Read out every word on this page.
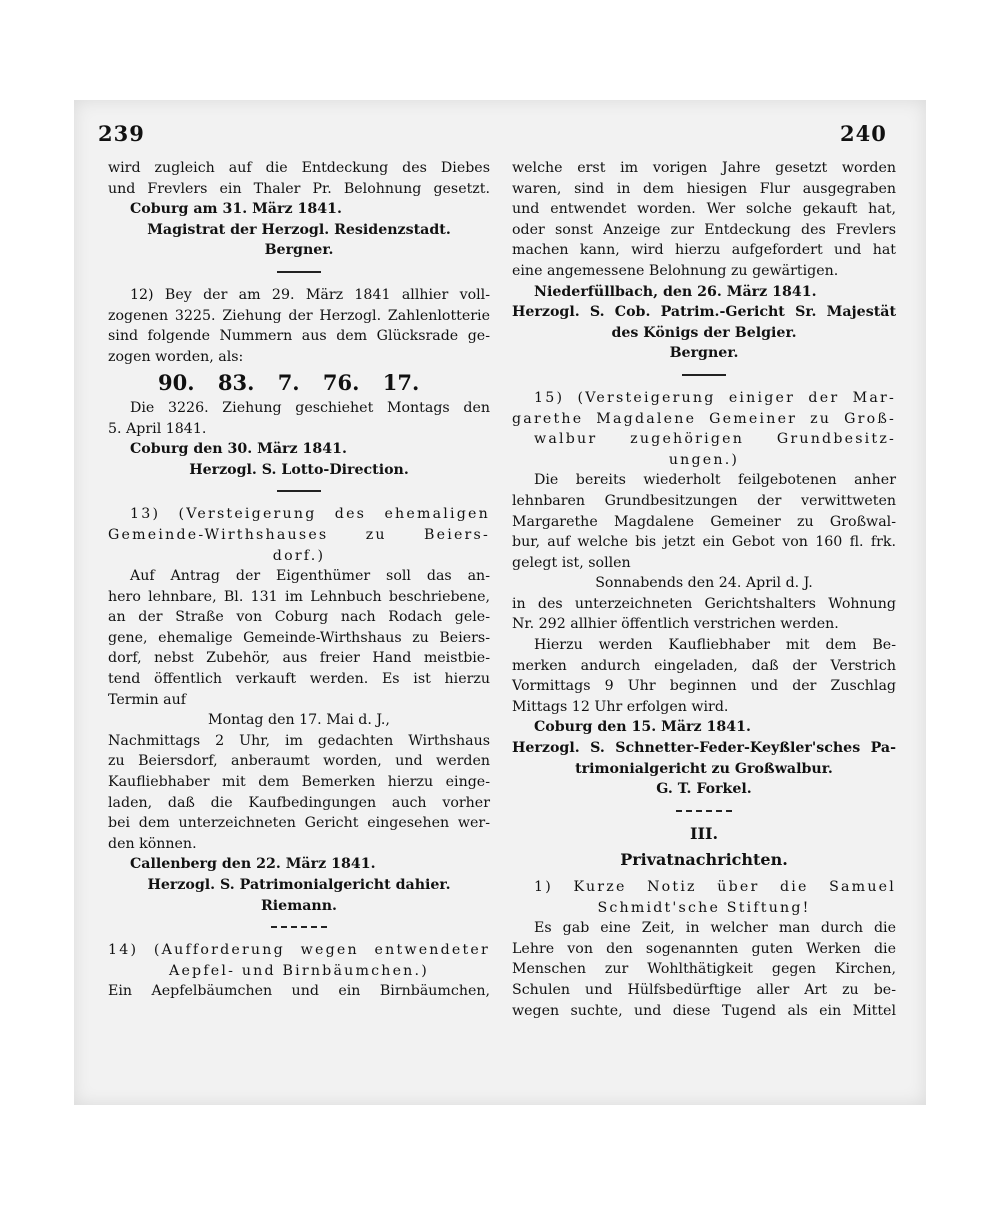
239	240

wird zugleich auf die Entdeckung des Diebes

und Frevlers ein Thaler Pr. Belohnung gesetzt.

Coburg am 31. März 1841.

Magistrat der Herzogl. Residenzstadt.

Bergner.

12) Bey der am 29. März 1841 allhier voll-

zogenen 3225. Ziehung der Herzogl. Zahlenlotterie

sind folgende Nummern aus dem Glücksrade ge-

zogen worden, als:

90. 83. 7. 76. 17.

Die 3226. Ziehung geschiehet Montags den

5. April 1841.

Coburg den 30. März 1841.

Herzogl. S. Lotto-Direction.

13) (Versteigerung des ehemaligen

Gemeinde-Wirthshauses zu Beiers-

dorf.)

Auf Antrag der Eigenthümer soll das an-

hero lehnbare, Bl. 131 im Lehnbuch beschriebene,

an der Straße von Coburg nach Rodach gele-

gene, ehemalige Gemeinde-Wirthshaus zu Beiers-

dorf, nebst Zubehör, aus freier Hand meistbie-

tend öffentlich verkauft werden. Es ist hierzu

Termin auf

Montag den 17. Mai d. J.,

Nachmittags 2 Uhr, im gedachten Wirthshaus

zu Beiersdorf, anberaumt worden, und werden

Kaufliebhaber mit dem Bemerken hierzu einge-

laden, daß die Kaufbedingungen auch vorher

bei dem unterzeichneten Gericht eingesehen wer-

den können.

Callenberg den 22. März 1841.

Herzogl. S. Patrimonialgericht dahier.

Riemann.

14) (Aufforderung wegen entwendeter

Aepfel- und Birnbäumchen.)

Ein Aepfelbäumchen und ein Birnbäumchen,

welche erst im vorigen Jahre gesetzt worden

waren, sind in dem hiesigen Flur ausgegraben

und entwendet worden. Wer solche gekauft hat,

oder sonst Anzeige zur Entdeckung des Frevlers

machen kann, wird hierzu aufgefordert und hat

eine angemessene Belohnung zu gewärtigen.

Niederfüllbach, den 26. März 1841.

Herzogl. S. Cob. Patrim.-Gericht Sr. Majestät

des Königs der Belgier.

Bergner.

15) (Versteigerung einiger der Mar-

garethe Magdalene Gemeiner zu Groß-

walbur zugehörigen Grundbesitz-

ungen.)

Die bereits wiederholt feilgebotenen anher

lehnbaren Grundbesitzungen der verwittweten

Margarethe Magdalene Gemeiner zu Großwal-

bur, auf welche bis jetzt ein Gebot von 160 fl. frk.

gelegt ist, sollen

Sonnabends den 24. April d. J.

in des unterzeichneten Gerichtshalters Wohnung

Nr. 292 allhier öffentlich verstrichen werden.

Hierzu werden Kaufliebhaber mit dem Be-

merken andurch eingeladen, daß der Verstrich

Vormittags 9 Uhr beginnen und der Zuschlag

Mittags 12 Uhr erfolgen wird.

Coburg den 15. März 1841.

Herzogl. S. Schnetter-Feder-Keyßler'sches Pa-

trimonialgericht zu Großwalbur.

G. T. Forkel.

III.

Privatnachrichten.

1) Kurze Notiz über die Samuel

Schmidt'sche Stiftung!

Es gab eine Zeit, in welcher man durch die

Lehre von den sogenannten guten Werken die

Menschen zur Wohlthätigkeit gegen Kirchen,

Schulen und Hülfsbedürftige aller Art zu be-

wegen suchte, und diese Tugend als ein Mittel
